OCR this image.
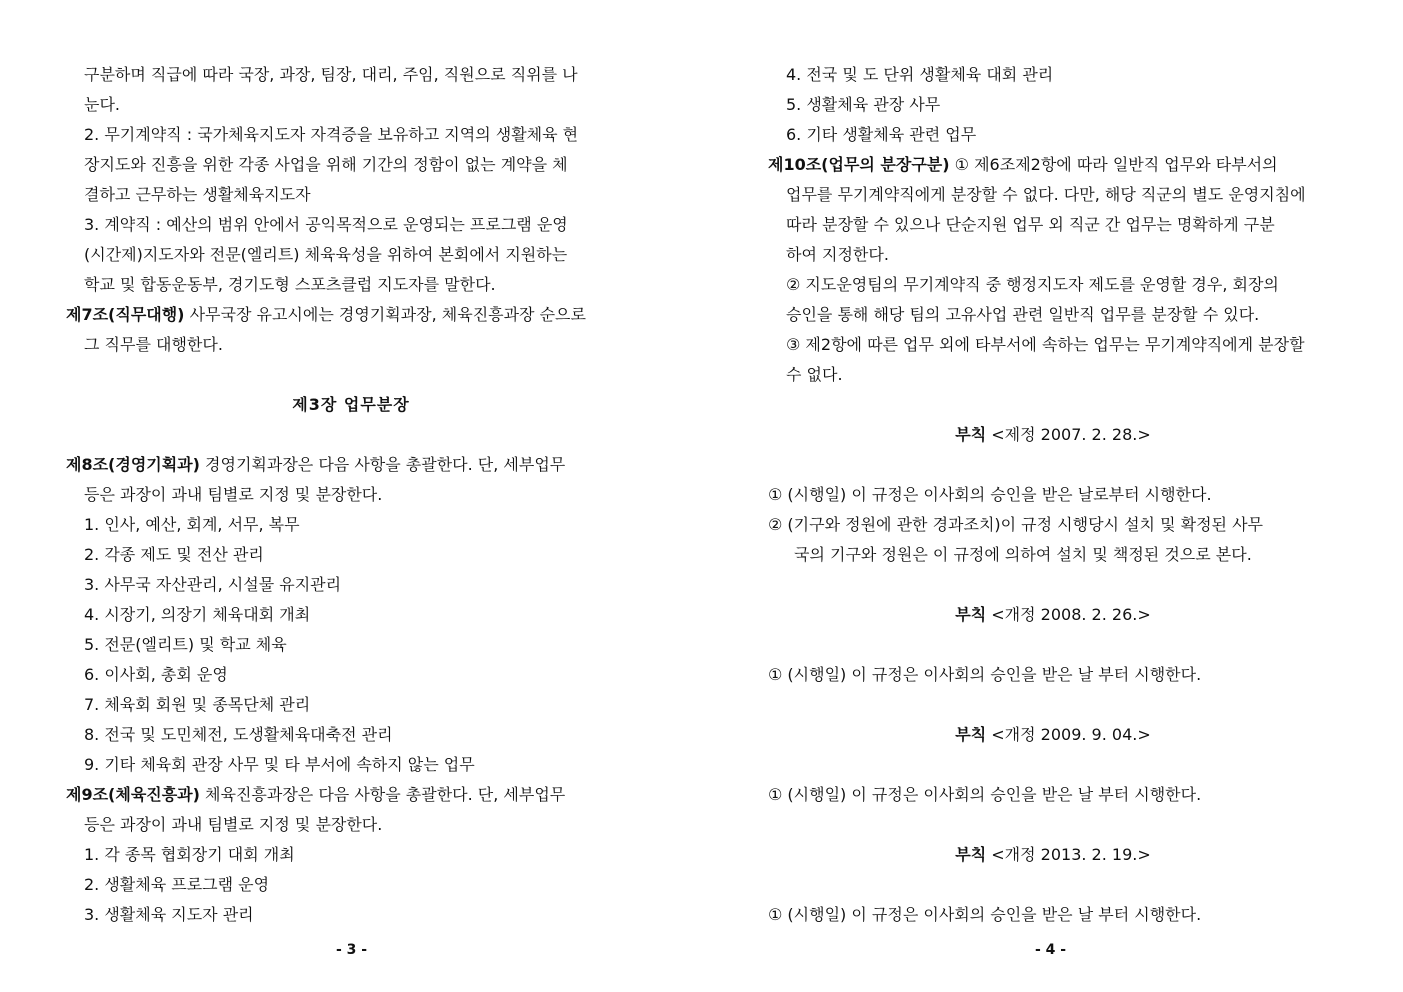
구분하며 직급에 따라 국장, 과장, 팀장, 대리, 주임, 직원으로 직위를 나
눈다.
2. 무기계약직 : 국가체육지도자 자격증을 보유하고 지역의 생활체육 현
장지도와 진흥을 위한 각종 사업을 위해 기간의 정함이 없는 계약을 체
결하고 근무하는 생활체육지도자
3. 계약직 : 예산의 범위 안에서 공익목적으로 운영되는 프로그램 운영
(시간제)지도자와 전문(엘리트) 체육육성을 위하여 본회에서 지원하는
학교 및 합동운동부, 경기도형 스포츠클럽 지도자를 말한다.
제7조(직무대행) 사무국장 유고시에는 경영기획과장, 체육진흥과장 순으로
그 직무를 대행한다.
제3장 업무분장
제8조(경영기획과) 경영기획과장은 다음 사항을 총괄한다. 단, 세부업무
등은 과장이 과내 팀별로 지정 및 분장한다.
1. 인사, 예산, 회계, 서무, 복무
2. 각종 제도 및 전산 관리
3. 사무국 자산관리, 시설물 유지관리
4. 시장기, 의장기 체육대회 개최
5. 전문(엘리트) 및 학교 체육
6. 이사회, 총회 운영
7. 체육회 회원 및 종목단체 관리
8. 전국 및 도민체전, 도생활체육대축전 관리
9. 기타 체육회 관장 사무 및 타 부서에 속하지 않는 업무
제9조(체육진흥과) 체육진흥과장은 다음 사항을 총괄한다. 단, 세부업무
등은 과장이 과내 팀별로 지정 및 분장한다.
1. 각 종목 협회장기 대회 개최
2. 생활체육 프로그램 운영
3. 생활체육 지도자 관리
- 3 -
4. 전국 및 도 단위 생활체육 대회 관리
5. 생활체육 관장 사무
6. 기타 생활체육 관련 업무
제10조(업무의 분장구분) ① 제6조제2항에 따라 일반직 업무와 타부서의
업무를 무기계약직에게 분장할 수 없다. 다만, 해당 직군의 별도 운영지침에
따라 분장할 수 있으나 단순지원 업무 외 직군 간 업무는 명확하게 구분
하여 지정한다.
② 지도운영팀의 무기계약직 중 행정지도자 제도를 운영할 경우, 회장의
승인을 통해 해당 팀의 고유사업 관련 일반직 업무를 분장할 수 있다.
③ 제2항에 따른 업무 외에 타부서에 속하는 업무는 무기계약직에게 분장할
수 없다.
부칙 <제정 2007. 2. 28.>
① (시행일) 이 규정은 이사회의 승인을 받은 날로부터 시행한다.
② (기구와 정원에 관한 경과조치)이 규정 시행당시 설치 및 확정된 사무
국의 기구와 정원은 이 규정에 의하여 설치 및 책정된 것으로 본다.
부칙 <개정 2008. 2. 26.>
① (시행일) 이 규정은 이사회의 승인을 받은 날 부터 시행한다.
부칙 <개정 2009. 9. 04.>
① (시행일) 이 규정은 이사회의 승인을 받은 날 부터 시행한다.
부칙 <개정 2013. 2. 19.>
① (시행일) 이 규정은 이사회의 승인을 받은 날 부터 시행한다.
- 4 -
